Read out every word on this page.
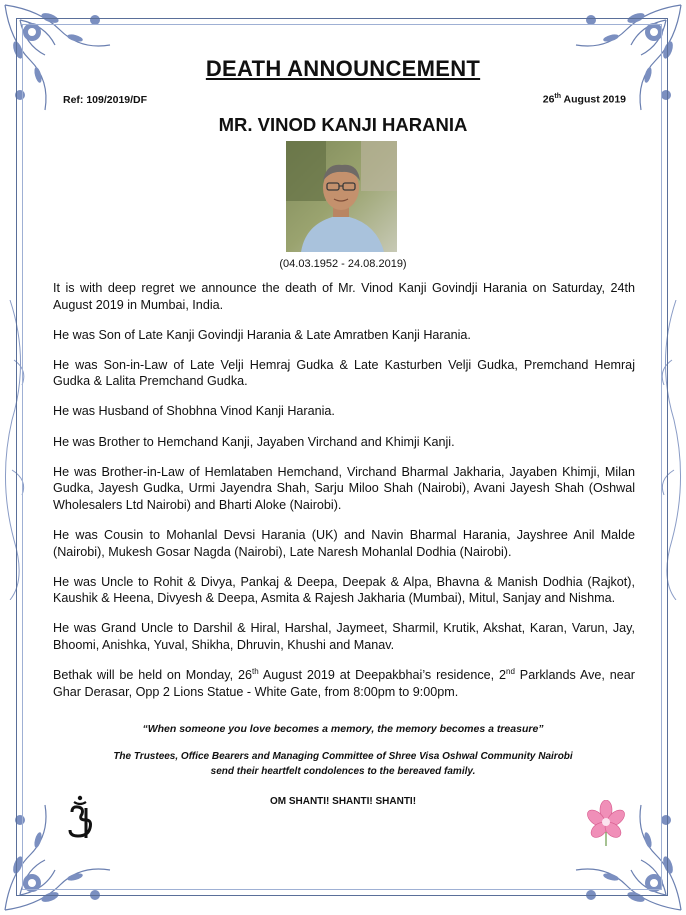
DEATH ANNOUNCEMENT
Ref: 109/2019/DF	26th August 2019
MR. VINOD KANJI HARANIA
(04.03.1952 - 24.08.2019)

It is with deep regret we announce the death of Mr. Vinod Kanji Govindji Harania on Saturday, 24th August 2019 in Mumbai, India.

He was Son of Late Kanji Govindji Harania & Late Amratben Kanji Harania.

He was Son-in-Law of Late Velji Hemraj Gudka & Late Kasturben Velji Gudka, Premchand Hemraj Gudka & Lalita Premchand Gudka.

He was Husband of Shobhna Vinod Kanji Harania.

He was Brother to Hemchand Kanji, Jayaben Virchand and Khimji Kanji.

He was Brother-in-Law of Hemlataben Hemchand, Virchand Bharmal Jakharia, Jayaben Khimji, Milan Gudka, Jayesh Gudka, Urmi Jayendra Shah, Sarju Miloo Shah (Nairobi), Avani Jayesh Shah (Oshwal Wholesalers Ltd Nairobi) and Bharti Aloke (Nairobi).

He was Cousin to Mohanlal Devsi Harania (UK) and Navin Bharmal Harania, Jayshree Anil Malde (Nairobi), Mukesh Gosar Nagda (Nairobi), Late Naresh Mohanlal Dodhia (Nairobi).

He was Uncle to Rohit & Divya, Pankaj & Deepa, Deepak & Alpa, Bhavna & Manish Dodhia (Rajkot), Kaushik & Heena, Divyesh & Deepa, Asmita & Rajesh Jakharia (Mumbai), Mitul, Sanjay and Nishma.

He was Grand Uncle to Darshil & Hiral, Harshal, Jaymeet, Sharmil, Krutik, Akshat, Karan, Varun, Jay, Bhoomi, Anishka, Yuval, Shikha, Dhruvin, Khushi and Manav.

Bethak will be held on Monday, 26th August 2019 at Deepakbhai’s residence, 2nd Parklands Ave, near Ghar Derasar, Opp 2 Lions Statue - White Gate, from 8:00pm to 9:00pm.

“When someone you love becomes a memory, the memory becomes a treasure”
The Trustees, Office Bearers and Managing Committee of Shree Visa Oshwal Community Nairobi
send their heartfelt condolences to the bereaved family.
OM SHANTI! SHANTI! SHANTI!
